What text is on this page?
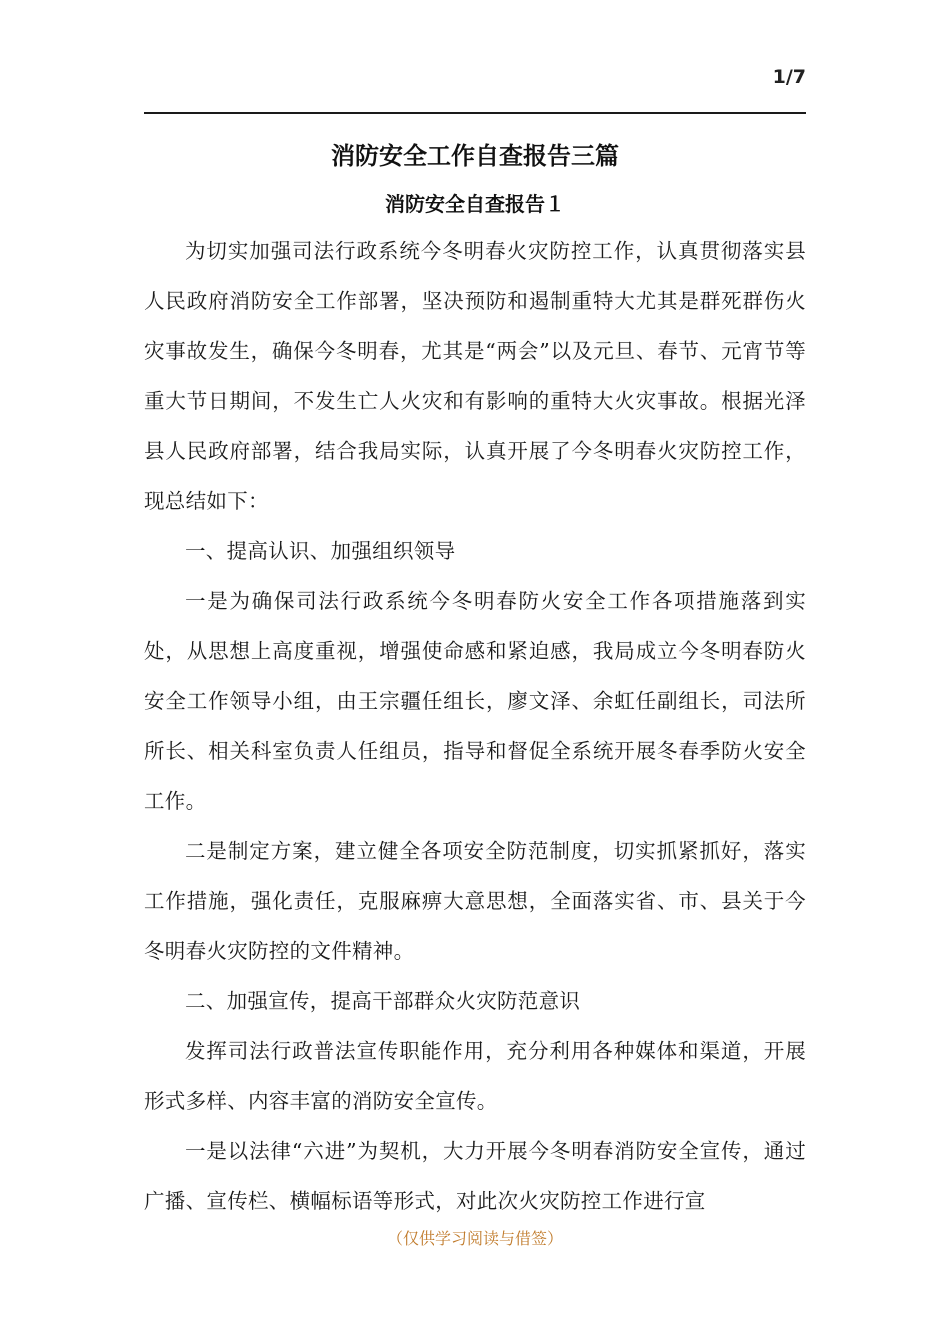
1/7
消防安全工作自查报告三篇
消防安全自查报告１

为切实加强司法行政系统今冬明春火灾防控工作，认真贯彻落实县人民政府消防安全工作部署，坚决预防和遏制重特大尤其是群死群伤火灾事故发生，确保今冬明春，尤其是“两会”以及元旦、春节、元宵节等重大节日期间，不发生亡人火灾和有影响的重特大火灾事故。根据光泽县人民政府部署，结合我局实际，认真开展了今冬明春火灾防控工作，现总结如下：

一、提高认识、加强组织领导

一是为确保司法行政系统今冬明春防火安全工作各项措施落到实处，从思想上高度重视，增强使命感和紧迫感，我局成立今冬明春防火安全工作领导小组，由王宗疆任组长，廖文泽、余虹任副组长，司法所所长、相关科室负责人任组员，指导和督促全系统开展冬春季防火安全工作。

二是制定方案，建立健全各项安全防范制度，切实抓紧抓好，落实工作措施，强化责任，克服麻痹大意思想，全面落实省、市、县关于今冬明春火灾防控的文件精神。

二、加强宣传，提高干部群众火灾防范意识

发挥司法行政普法宣传职能作用，充分利用各种媒体和渠道，开展形式多样、内容丰富的消防安全宣传。

一是以法律“六进”为契机，大力开展今冬明春消防安全宣传，通过广播、宣传栏、横幅标语等形式，对此次火灾防控工作进行宣

（仅供学习阅读与借签）
